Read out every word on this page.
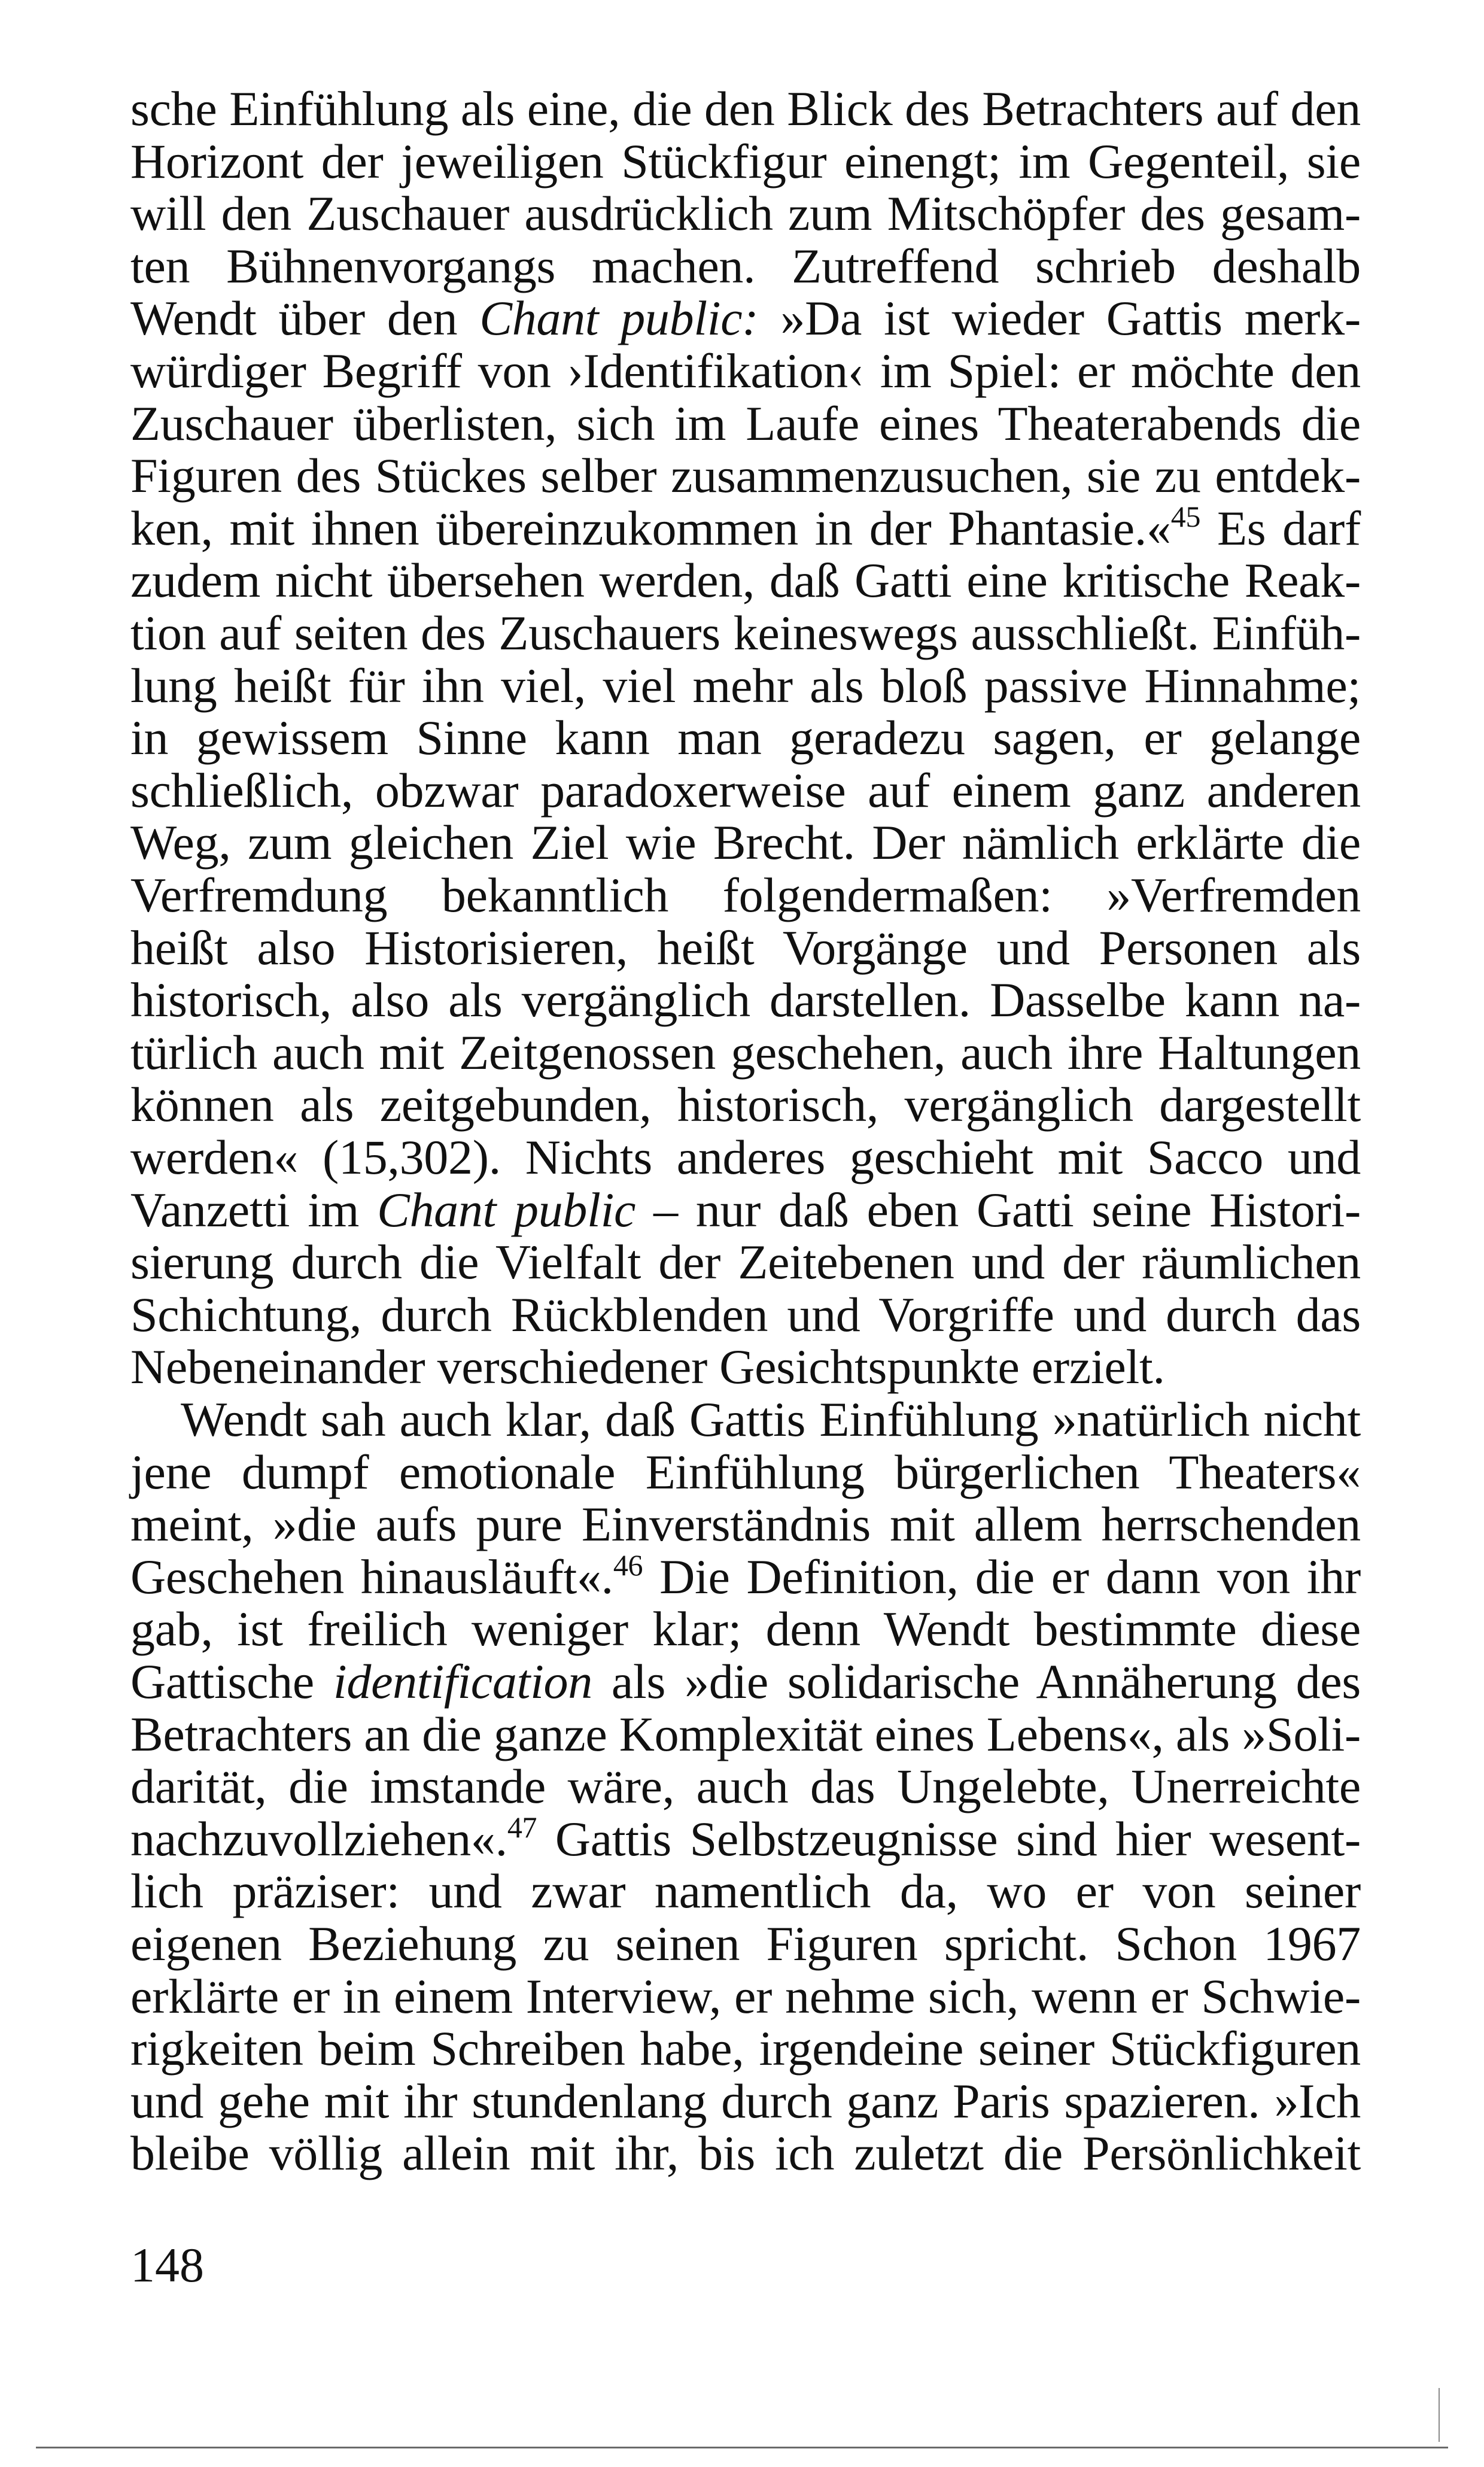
sche Einfühlung als eine, die den Blick des Betrachters auf den
Horizont der jeweiligen Stückfigur einengt; im Gegenteil, sie
will den Zuschauer ausdrücklich zum Mitschöpfer des gesam-
ten Bühnenvorgangs machen. Zutreffend schrieb deshalb
Wendt über den Chant public: »Da ist wieder Gattis merk-
würdiger Begriff von ›Identifikation‹ im Spiel: er möchte den
Zuschauer überlisten, sich im Laufe eines Theaterabends die
Figuren des Stückes selber zusammenzusuchen, sie zu entdek-
ken, mit ihnen übereinzukommen in der Phantasie.«$^{45}$ Es darf
zudem nicht übersehen werden, daß Gatti eine kritische Reak-
tion auf seiten des Zuschauers keineswegs ausschließt. Einfüh-
lung heißt für ihn viel, viel mehr als bloß passive Hinnahme;
in gewissem Sinne kann man geradezu sagen, er gelange
schließlich, obzwar paradoxerweise auf einem ganz anderen
Weg, zum gleichen Ziel wie Brecht. Der nämlich erklärte die
Verfremdung bekanntlich folgendermaßen: »Verfremden
heißt also Historisieren, heißt Vorgänge und Personen als
historisch, also als vergänglich darstellen. Dasselbe kann na-
türlich auch mit Zeitgenossen geschehen, auch ihre Haltungen
können als zeitgebunden, historisch, vergänglich dargestellt
werden« (15,302). Nichts anderes geschieht mit Sacco und
Vanzetti im Chant public – nur daß eben Gatti seine Histori-
sierung durch die Vielfalt der Zeitebenen und der räumlichen
Schichtung, durch Rückblenden und Vorgriffe und durch das
Nebeneinander verschiedener Gesichtspunkte erzielt.
Wendt sah auch klar, daß Gattis Einfühlung »natürlich nicht
jene dumpf emotionale Einfühlung bürgerlichen Theaters«
meint, »die aufs pure Einverständnis mit allem herrschenden
Geschehen hinausläuft«.$^{46}$ Die Definition, die er dann von ihr
gab, ist freilich weniger klar; denn Wendt bestimmte diese
Gattische identification als »die solidarische Annäherung des
Betrachters an die ganze Komplexität eines Lebens«, als »Soli-
darität, die imstande wäre, auch das Ungelebte, Unerreichte
nachzuvollziehen«.$^{47}$ Gattis Selbstzeugnisse sind hier wesent-
lich präziser: und zwar namentlich da, wo er von seiner
eigenen Beziehung zu seinen Figuren spricht. Schon 1967
erklärte er in einem Interview, er nehme sich, wenn er Schwie-
rigkeiten beim Schreiben habe, irgendeine seiner Stückfiguren
und gehe mit ihr stundenlang durch ganz Paris spazieren. »Ich
bleibe völlig allein mit ihr, bis ich zuletzt die Persönlichkeit
148
